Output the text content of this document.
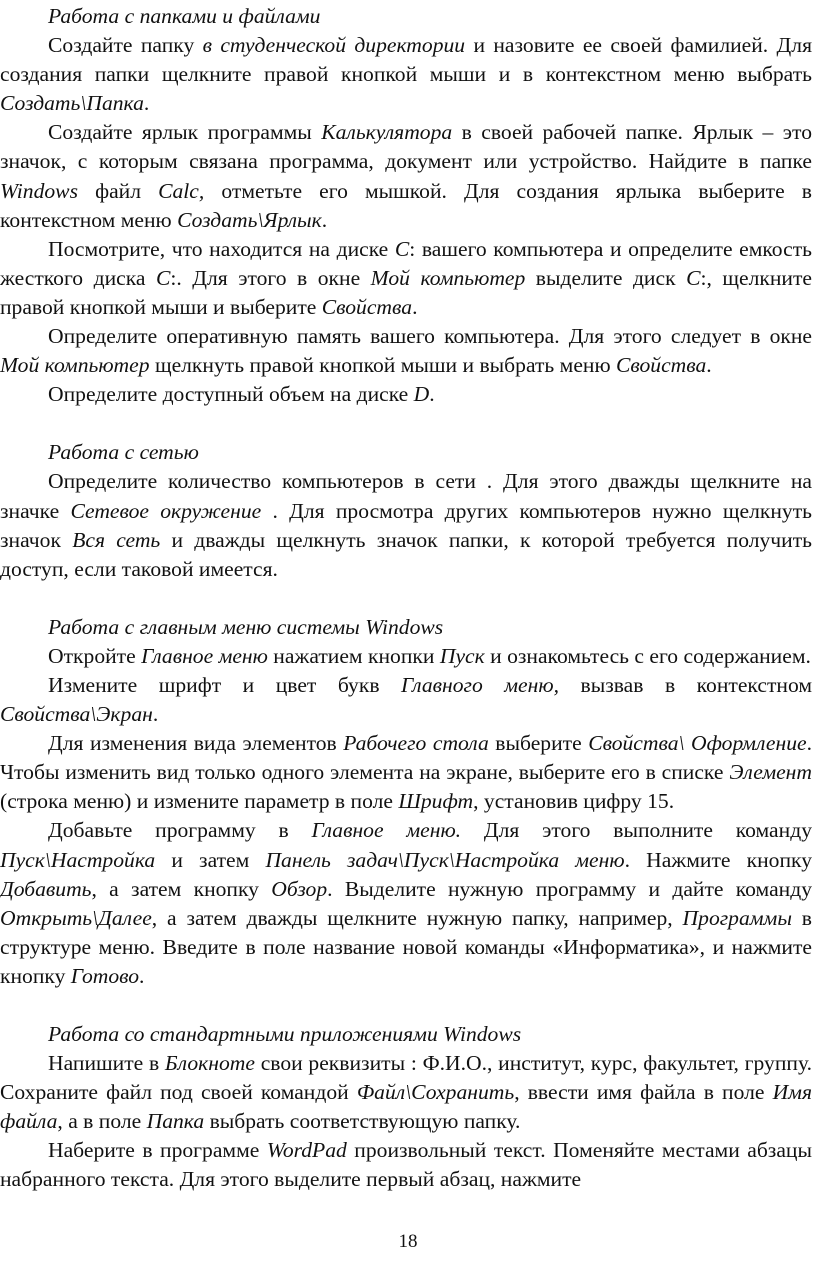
Работа с папками и файлами

Создайте папку в студенческой директории и назовите ее своей фамилией. Для создания папки щелкните правой кнопкой мыши и в контекстном меню выбрать Создать\Папка.

Создайте ярлык программы Калькулятора в своей рабочей папке. Ярлык – это значок, с которым связана программа, документ или устройство. Найдите в папке Windows файл Calc, отметьте его мышкой. Для создания ярлыка выберите в контекстном меню Создать\Ярлык.

Посмотрите, что находится на диске С: вашего компьютера и определите емкость жесткого диска С:. Для этого в окне Мой компьютер выделите диск С:, щелкните правой кнопкой мыши и выберите Свойства.

Определите оперативную память вашего компьютера. Для этого следует в окне Мой компьютер щелкнуть правой кнопкой мыши и выбрать меню Свойства.

Определите доступный объем на диске D.

Работа с сетью

Определите количество компьютеров в сети . Для этого дважды щелкните на значке Сетевое окружение . Для просмотра других компьютеров нужно щелкнуть значок Вся сеть и дважды щелкнуть значок папки, к которой требуется получить доступ, если таковой имеется.

Работа с главным меню системы Windows

Откройте Главное меню нажатием кнопки Пуск и ознакомьтесь с его содержанием.

Измените шрифт и цвет букв Главного меню, вызвав в контекстном Свойства\Экран.

Для изменения вида элементов Рабочего стола выберите Свойства\ Оформление. Чтобы изменить вид только одного элемента на экране, выберите его в списке Элемент (строка меню) и измените параметр в поле Шрифт, установив цифру 15.

Добавьте программу в Главное меню. Для этого выполните команду Пуск\Настройка и затем Панель задач\Пуск\Настройка меню. Нажмите кнопку Добавить, а затем кнопку Обзор. Выделите нужную программу и дайте команду Открыть\Далее, а затем дважды щелкните нужную папку, например, Программы в структуре меню. Введите в поле название новой команды «Информатика», и нажмите кнопку Готово.

Работа со стандартными приложениями Windows

Напишите в Блокноте свои реквизиты : Ф.И.О., институт, курс, факультет, группу. Сохраните файл под своей командой Файл\Сохранить, ввести имя файла в поле Имя файла, а в поле Папка выбрать соответствующую папку.

Наберите в программе WordPad произвольный текст. Поменяйте местами абзацы набранного текста. Для этого выделите первый абзац, нажмите

18
